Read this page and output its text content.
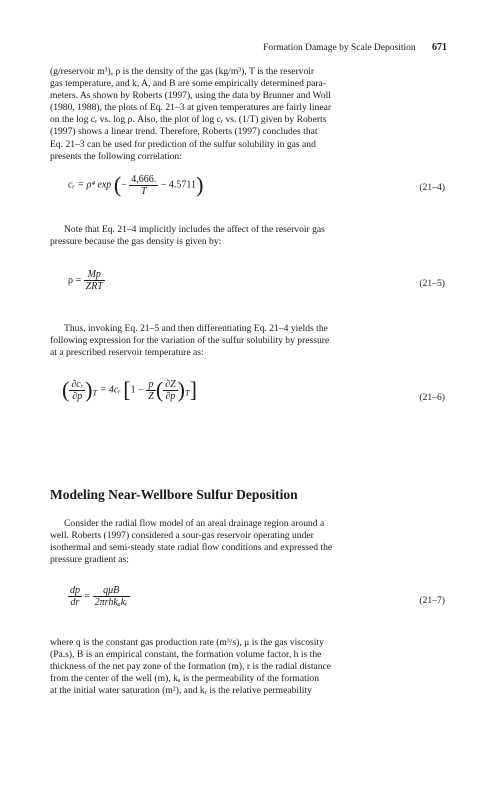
Formation Damage by Scale Deposition 671
(g/reservoir m³), ρ is the density of the gas (kg/m³), T is the reservoir
gas temperature, and k, A, and B are some empirically determined para-
meters. As shown by Roberts (1997), using the data by Brunner and Woll
(1980, 1988), the plots of Eq. 21–3 at given temperatures are fairly linear
on the log cᵣ vs. log ρ. Also, the plot of log cᵣ vs. (1/T) given by Roberts
(1997) shows a linear trend. Therefore, Roberts (1997) concludes that
Eq. 21–3 can be used for prediction of the sulfur solubility in gas and
presents the following correlation:
cᵣ = ρ⁴ exp (− $\frac{4,666.}{T} - 4.5711$)	(21–4)
Note that Eq. 21–4 implicitly includes the affect of the reservoir gas
pressure because the gas density is given by:
$\rho = \frac{Mp}{\text{ZRT}}$	(21–5)
Thus, invoking Eq. 21–5 and then differentiating Eq. 21–4 yields the
following expression for the variation of the sulfur solubility by pressure
at a prescribed reservoir temperature as:
( $\frac{\text{∂cᵣ}}{\partial p} )_T$ = 4cᵣ [$1 - \frac{p}{Z}$ ( $\frac{\partial Z}{\partial p} )_T$]	(21–6)
Modeling Near-Wellbore Sulfur Deposition
Consider the radial flow model of an areal drainage region around a
well. Roberts (1997) considered a sour-gas reservoir operating under
isothermal and semi-steady state radial flow conditions and expressed the
pressure gradient as:
$\frac{dp}{dr} = \frac{\text{qμB}}{\text{2πrhkₐkᵣ}}$	(21–7)
where q is the constant gas production rate (m³/s), μ is the gas viscosity
(Pa.s), B is an empirical constant, the formation volume factor, h is the
thickness of the net pay zone of the formation (m), r is the radial distance
from the center of the well (m), kₐ is the permeability of the formation
at the initial water saturation (m²), and kᵣ is the relative permeability
